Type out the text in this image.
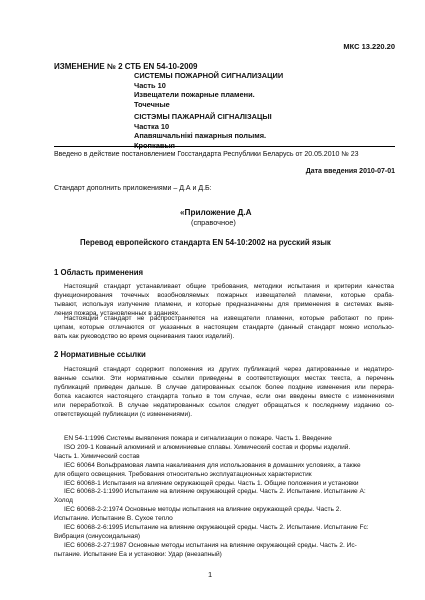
МКС 13.220.20
ИЗМЕНЕНИЕ № 2 СТБ EN 54-10-2009
СИСТЕМЫ ПОЖАРНОЙ СИГНАЛИЗАЦИИ
Часть 10
Извещатели пожарные пламени.
Точечные
СІСТЭМЫ ПАЖАРНАЙ СІГНАЛІЗАЦЫІ
Частка 10
Апавяшчальнікі пажарныя полымя.
Кропкавыя
Введено в действие постановлением Госстандарта Республики Беларусь от 20.05.2010 № 23
Дата введения 2010-07-01
Стандарт дополнить приложениями – Д.А и Д.Б:
«Приложение Д.А
(справочное)
Перевод европейского стандарта EN 54-10:2002 на русский язык
1 Область применения
Настоящий стандарт устанавливает общие требования, методики испытания и критерии качества
функционирования точечных возобновляемых пожарных извещателей пламени, которые сраба-
тывают, используя излучение пламени, и которые предназначены для применения в системах выяв-
ления пожара, установленных в зданиях.
Настоящий стандарт не распространяется на извещатели пламени, которые работают по прин-
ципам, которые отличаются от указанных в настоящем стандарте (данный стандарт можно использо-
вать как руководство во время оценивания таких изделий).
2 Нормативные ссылки
Настоящий стандарт содержит положения из других публикаций через датированные и недатиро-
ванные ссылки. Эти нормативные ссылки приведены в соответствующих местах текста, а перечень
публикаций приведен дальше. В случае датированных ссылок более поздние изменения или перера-
ботка касаются настоящего стандарта только в том случае, если они введены вместе с изменениями
или переработкой. В случае недатированных ссылок следует обращаться к последнему изданию со-
ответствующей публикации (с изменениями).
EN 54-1:1996 Системы выявления пожара и сигнализации о пожаре. Часть 1. Введение
ISO 209-1 Кованый алюминий и алюминиевые сплавы. Химический состав и формы изделий.
Часть 1. Химический состав
IEC 60064 Вольфрамовая лампа накаливания для использования в домашних условиях, а также
для общего освещения. Требования относительно эксплуатационных характеристик
IEC 60068-1 Испытания на влияние окружающей среды. Часть 1. Общие положения и установки
IEC 60068-2-1:1990 Испытание на влияние окружающей среды. Часть 2. Испытание. Испытание А:
Холод
IEC 60068-2-2:1974 Основные методы испытания на влияние окружающей среды. Часть 2.
Испытание. Испытание В. Сухое тепло
IEC 60068-2-6:1995 Испытание на влияние окружающей среды. Часть 2. Испытание. Испытание Fc:
Вибрация (синусоидальная)
IEC 60068-2-27:1987 Основные методы испытания на влияние окружающей среды. Часть 2. Ис-
пытание. Испытание Ea и установки: Удар (внезапный)
1
